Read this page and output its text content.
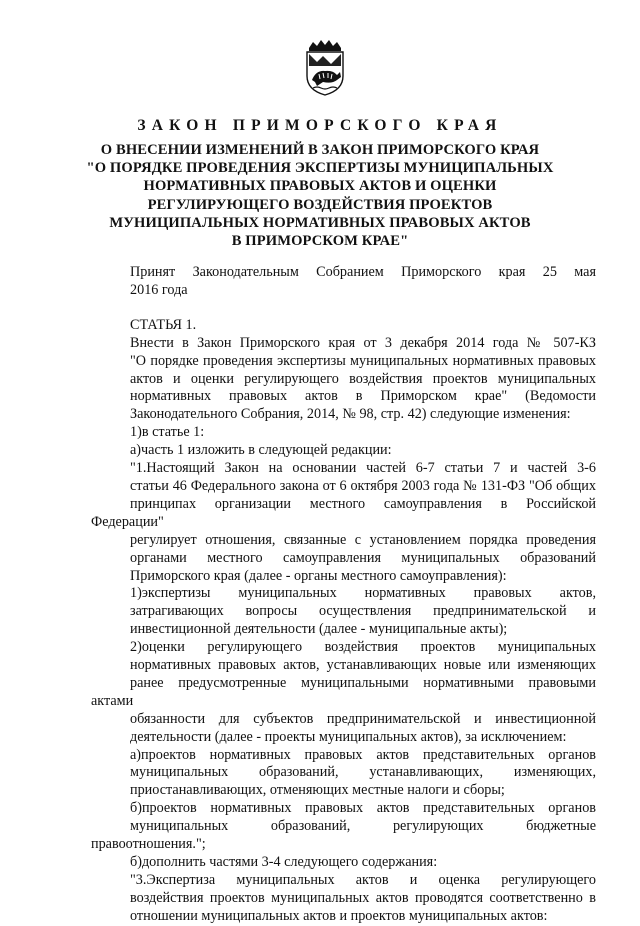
ЗАКОН ПРИМОРСКОГО КРАЯ
О ВНЕСЕНИИ ИЗМЕНЕНИЙ В ЗАКОН ПРИМОРСКОГО КРАЯ
"О ПОРЯДКЕ ПРОВЕДЕНИЯ ЭКСПЕРТИЗЫ МУНИЦИПАЛЬНЫХ
НОРМАТИВНЫХ ПРАВОВЫХ АКТОВ И ОЦЕНКИ
РЕГУЛИРУЮЩЕГО ВОЗДЕЙСТВИЯ ПРОЕКТОВ
МУНИЦИПАЛЬНЫХ НОРМАТИВНЫХ ПРАВОВЫХ АКТОВ
В ПРИМОРСКОМ КРАЕ"

Принят Законодательным Собранием Приморского края 25 мая
2016 года

СТАТЬЯ 1.

Внести в Закон Приморского края от 3 декабря 2014 года № 507-КЗ
"О порядке проведения экспертизы муниципальных нормативных правовых
актов и оценки регулирующего воздействия проектов муниципальных
нормативных правовых актов в Приморском крае" (Ведомости
Законодательного Собрания, 2014, № 98, стр. 42) следующие изменения:

1)в статье 1:

а)часть 1 изложить в следующей редакции:

"1.Настоящий Закон на основании частей 6-7 статьи 7 и частей 3-6
статьи 46 Федерального закона от 6 октября 2003 года № 131-ФЗ "Об общих
принципах организации местного самоуправления в Российской Федерации"
регулирует отношения, связанные с установлением порядка проведения
органами местного самоуправления муниципальных образований
Приморского края (далее - органы местного самоуправления):

1)экспертизы муниципальных нормативных правовых актов,
затрагивающих вопросы осуществления предпринимательской и
инвестиционной деятельности (далее - муниципальные акты);

2)оценки регулирующего воздействия проектов муниципальных
нормативных правовых актов, устанавливающих новые или изменяющих
ранее предусмотренные муниципальными нормативными правовыми актами
обязанности для субъектов предпринимательской и инвестиционной
деятельности (далее - проекты муниципальных актов), за исключением:

а)проектов нормативных правовых актов представительных органов
муниципальных образований, устанавливающих, изменяющих,
приостанавливающих, отменяющих местные налоги и сборы;

б)проектов нормативных правовых актов представительных органов
муниципальных образований, регулирующих бюджетные правоотношения.";

б)дополнить частями 3-4 следующего содержания:

"3.Экспертиза муниципальных актов и оценка регулирующего
воздействия проектов муниципальных актов проводятся соответственно в
отношении муниципальных актов и проектов муниципальных актов:
